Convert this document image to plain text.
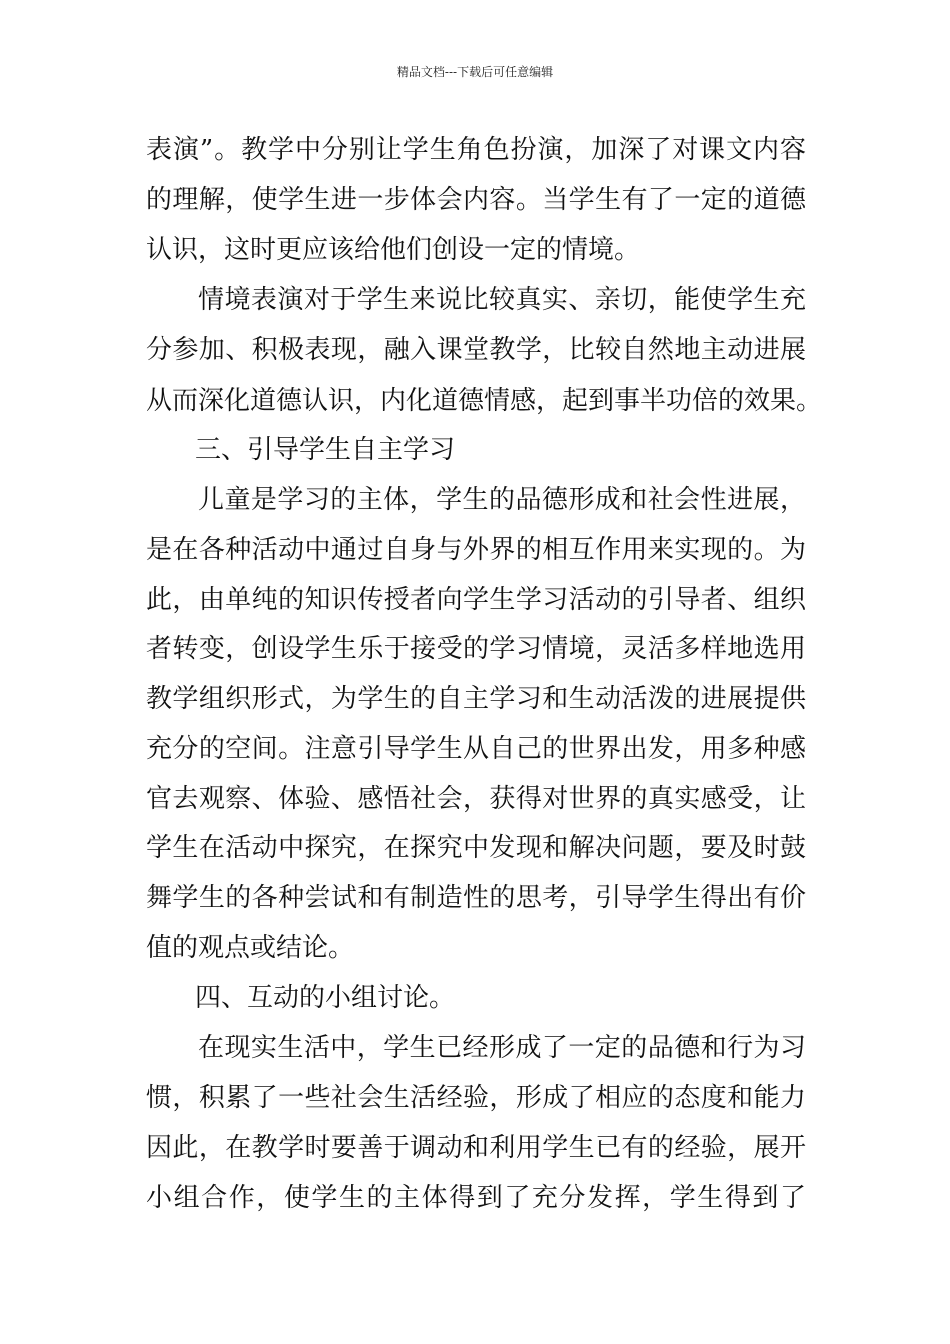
精品文档---下载后可任意编辑
表演”。教学中分别让学生角色扮演，加深了对课文内容
的理解，使学生进一步体会内容。当学生有了一定的道德
认识，这时更应该给他们创设一定的情境。
情境表演对于学生来说比较真实、亲切，能使学生充
分参加、积极表现，融入课堂教学，比较自然地主动进展
从而深化道德认识，内化道德情感，起到事半功倍的效果。
三、引导学生自主学习
儿童是学习的主体，学生的品德形成和社会性进展，
是在各种活动中通过自身与外界的相互作用来实现的。为
此，由单纯的知识传授者向学生学习活动的引导者、组织
者转变，创设学生乐于接受的学习情境，灵活多样地选用
教学组织形式，为学生的自主学习和生动活泼的进展提供
充分的空间。注意引导学生从自己的世界出发，用多种感
官去观察、体验、感悟社会，获得对世界的真实感受，让
学生在活动中探究，在探究中发现和解决问题，要及时鼓
舞学生的各种尝试和有制造性的思考，引导学生得出有价
值的观点或结论。
四、互动的小组讨论。
在现实生活中，学生已经形成了一定的品德和行为习
惯，积累了一些社会生活经验，形成了相应的态度和能力
因此，在教学时要善于调动和利用学生已有的经验，展开
小组合作，使学生的主体得到了充分发挥，学生得到了
